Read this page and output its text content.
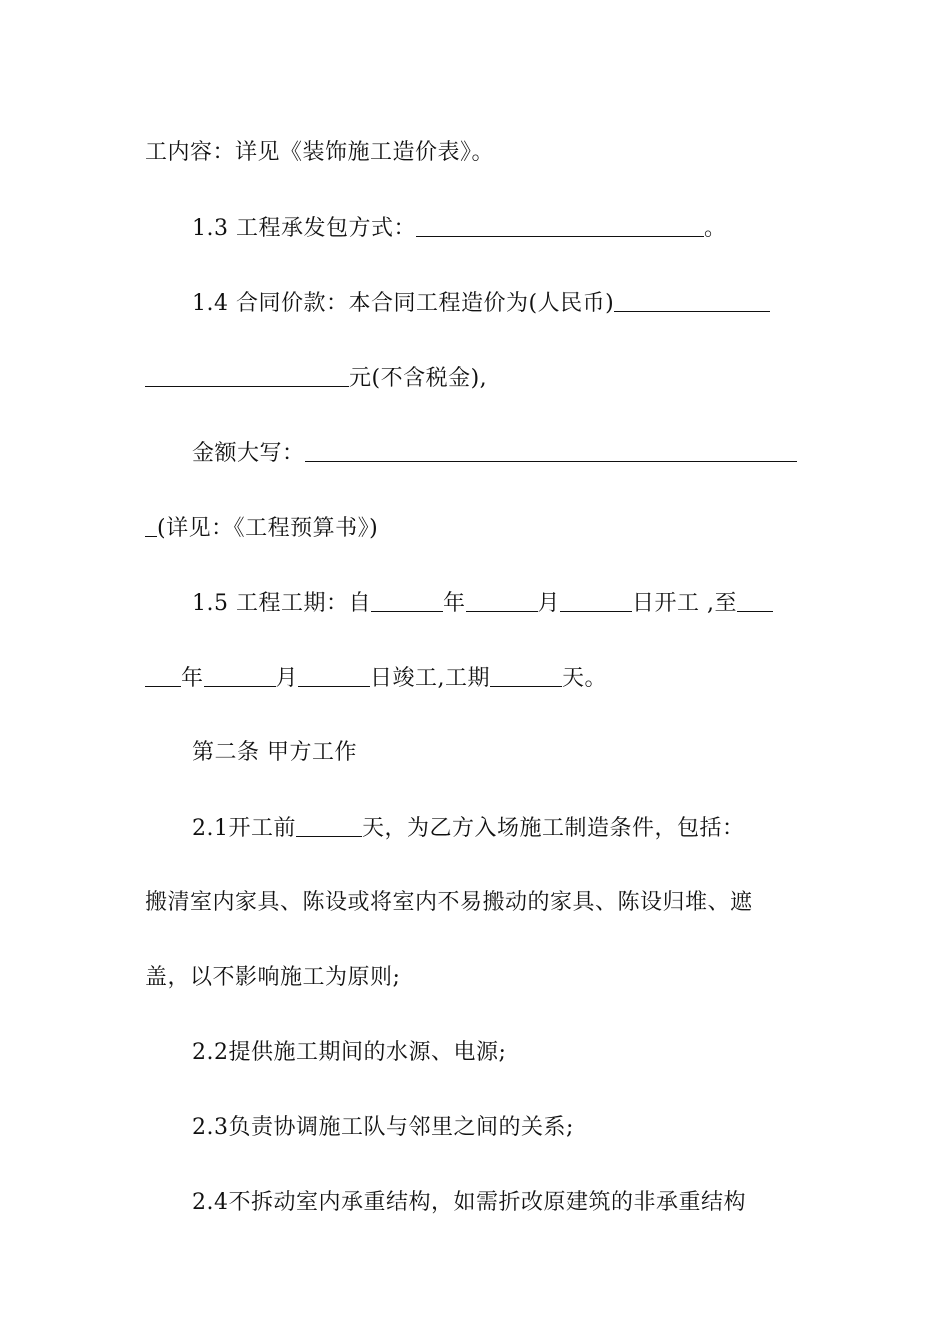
工内容：详见《装饰施工造价表》。
1.3 工程承发包方式：	。
1.4 合同价款：本合同工程造价为(人民币)
元(不含税金),
金额大写：
(详见：《工程预算书》)
1.5 工程工期：自	年	月	日开工 ,至
年	月	日竣工,工期	天。
第二条 甲方工作
2.1开工前	天，为乙方入场施工制造条件，包括：
搬清室内家具、陈设或将室内不易搬动的家具、陈设归堆、遮
盖，以不影响施工为原则;
2.2提供施工期间的水源、电源;
2.3负责协调施工队与邻里之间的关系;
2.4不拆动室内承重结构，如需折改原建筑的非承重结构
